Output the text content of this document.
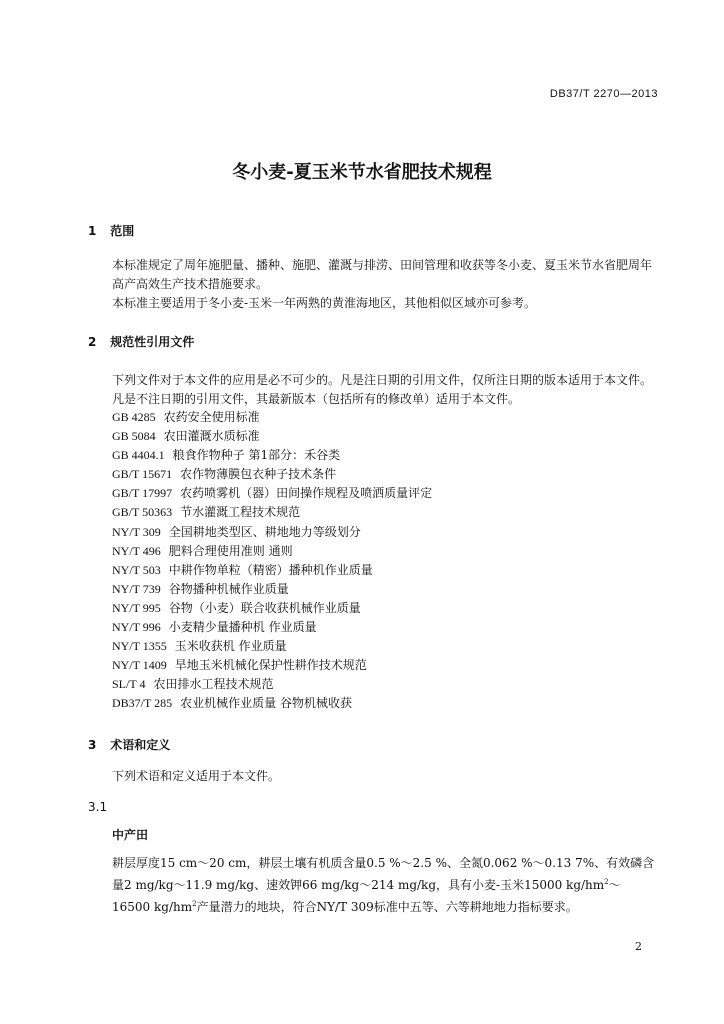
DB37/T 2270—2013
冬小麦-夏玉米节水省肥技术规程
1 范围
本标准规定了周年施肥量、播种、施肥、灌溉与排涝、田间管理和收获等冬小麦、夏玉米节水省肥周年高产高效生产技术措施要求。
本标准主要适用于冬小麦-玉米一年两熟的黄淮海地区，其他相似区域亦可参考。
2 规范性引用文件
下列文件对于本文件的应用是必不可少的。凡是注日期的引用文件，仅所注日期的版本适用于本文件。凡是不注日期的引用文件，其最新版本（包括所有的修改单）适用于本文件。
GB 4285 农药安全使用标准
GB 5084 农田灌溉水质标准
GB 4404.1 粮食作物种子 第1部分：禾谷类
GB/T 15671 农作物薄膜包衣种子技术条件
GB/T 17997 农药喷雾机（器）田间操作规程及喷洒质量评定
GB/T 50363 节水灌溉工程技术规范
NY/T 309 全国耕地类型区、耕地地力等级划分
NY/T 496 肥料合理使用准则 通则
NY/T 503 中耕作物单粒（精密）播种机作业质量
NY/T 739 谷物播种机械作业质量
NY/T 995 谷物（小麦）联合收获机械作业质量
NY/T 996 小麦精少量播种机 作业质量
NY/T 1355 玉米收获机 作业质量
NY/T 1409 旱地玉米机械化保护性耕作技术规范
SL/T 4 农田排水工程技术规范
DB37/T 285 农业机械作业质量 谷物机械收获
3 术语和定义
下列术语和定义适用于本文件。
3.1
中产田
耕层厚度15 cm～20 cm，耕层土壤有机质含量0.5 %～2.5 %、全氮0.062 %～0.13 7%、有效磷含量2 mg/kg～11.9 mg/kg、速效钾66 mg/kg～214 mg/kg，具有小麦-玉米15000 $kg/hm^2\sim 16500$ $kg/hm^2$产量潜力的地块，符合NY/T 309标准中五等、六等耕地地力指标要求。
2
